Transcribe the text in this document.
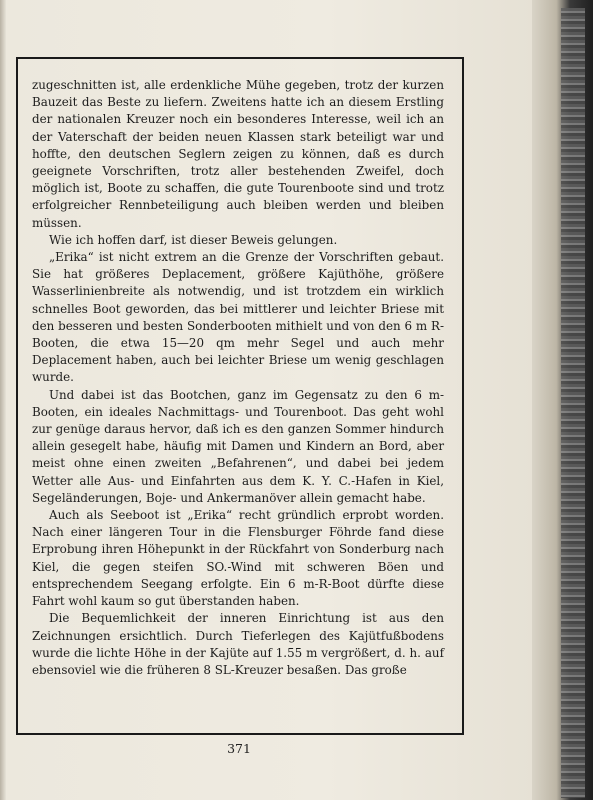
zugeschnitten ist, alle erdenkliche Mühe gegeben, trotz der kurzen Bauzeit das Beste zu liefern. Zweitens hatte ich an diesem Erstling der nationalen Kreuzer noch ein besonderes Interesse, weil ich an der Vaterschaft der beiden neuen Klassen stark beteiligt war und hoffte, den deutschen Seglern zeigen zu können, daß es durch geeignete Vorschriften, trotz aller bestehenden Zweifel, doch möglich ist, Boote zu schaffen, die gute Tourenboote sind und trotz erfolgreicher Rennbeteiligung auch bleiben werden und bleiben müssen.

Wie ich hoffen darf, ist dieser Beweis gelungen.

„Erika“ ist nicht extrem an die Grenze der Vorschriften gebaut. Sie hat größeres Deplacement, größere Kajüthöhe, größere Wasserlinienbreite als notwendig, und ist trotzdem ein wirklich schnelles Boot geworden, das bei mittlerer und leichter Briese mit den besseren und besten Sonderbooten mithielt und von den 6 m R-Booten, die etwa 15—20 qm mehr Segel und auch mehr Deplacement haben, auch bei leichter Briese um wenig geschlagen wurde.

Und dabei ist das Bootchen, ganz im Gegensatz zu den 6 m-Booten, ein ideales Nachmittags- und Tourenboot. Das geht wohl zur genüge daraus hervor, daß ich es den ganzen Sommer hindurch allein gesegelt habe, häufig mit Damen und Kindern an Bord, aber meist ohne einen zweiten „Befahrenen“, und dabei bei jedem Wetter alle Aus- und Einfahrten aus dem K. Y. C.-Hafen in Kiel, Segeländerungen, Boje- und Ankermanöver allein gemacht habe.

Auch als Seeboot ist „Erika“ recht gründlich erprobt worden. Nach einer längeren Tour in die Flensburger Föhrde fand diese Erprobung ihren Höhepunkt in der Rückfahrt von Sonderburg nach Kiel, die gegen steifen SO.-Wind mit schweren Böen und entsprechendem Seegang erfolgte. Ein 6 m-R-Boot dürfte diese Fahrt wohl kaum so gut überstanden haben.

Die Bequemlichkeit der inneren Einrichtung ist aus den Zeichnungen ersichtlich. Durch Tieferlegen des Kajütfußbodens wurde die lichte Höhe in der Kajüte auf 1.55 m vergrößert, d. h. auf ebensoviel wie die früheren 8 SL-Kreuzer besaßen. Das große

371
